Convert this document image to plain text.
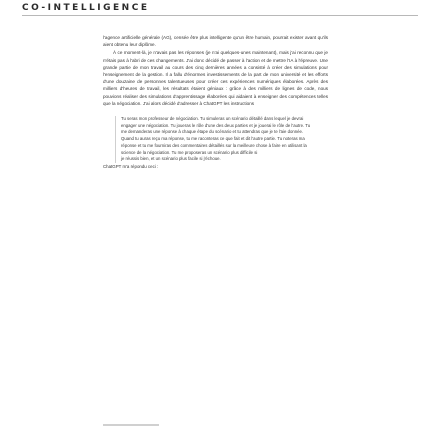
CO-INTELLIGENCE

l'agence artificielle générale (AG), censée être plus intelligente qu'un être humain, pourrait exister avant qu'ils aient obtenu leur diplôme.

À ce moment-là, je n'avais pas les réponses (je n'ai quelques-unes maintenant), mais j'ai reconnu que je n'étais pas à l'abri de ces changements. J'ai donc décidé de passer à l'action et de mettre l'IA à l'épreuve. Une grande partie de mon travail au cours des cinq dernières années a consisté à créer des simulations pour l'enseignement de la gestion. Il a fallu d'énormes investissements de la part de mon université et les efforts d'une douzaine de personnes talentueuses pour créer ces expériences numériques élaborées. Après des milliers d'heures de travail, les résultats étaient géniaux : grâce à des milliers de lignes de code, nous pouvions réaliser des simulations d'apprentissage élaborées qui aidaient à enseigner des compétences telles que la négociation. J'ai alors décidé d'adresser à ChatGPT les instructions

Tu seras mon professeur de négociation. Tu simuleras un scénario détaillé dans lequel je devrai engager une négociation. Tu joueras le rôle d'une des deux parties et je jouerai le rôle de l'autre. Tu me demanderas une réponse à chaque étape du scénario et tu attendras que je te l'aie donnée. Quand tu auras reçu ma réponse, tu me raconteras ce que fait et dit l'autre partie. Tu noteras ma réponse et tu me fourniras des commentaires détaillés sur la meilleure chose à faire en utilisant la science de la négociation. Tu me proposeras un scénario plus difficile si

je réussis bien, et un scénario plus facile si j'échoue.

ChatGPT m'a répondu ceci :
